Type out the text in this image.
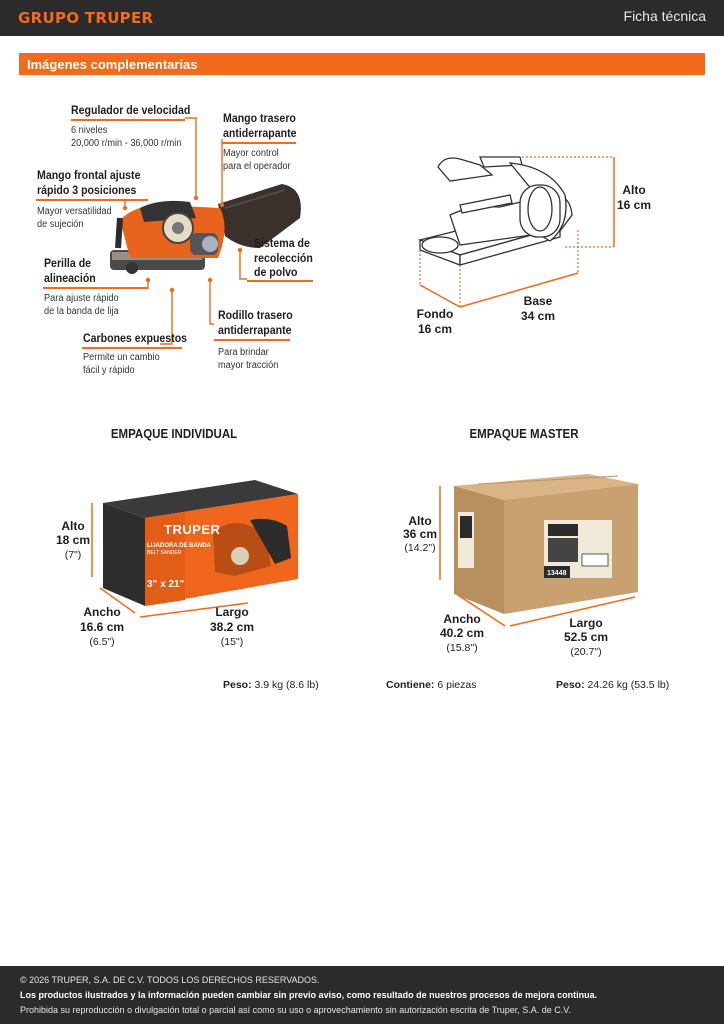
GRUPO TRUPER	Ficha técnica
Imágenes complementarias
Regulador de velocidad
6 niveles
20,000 r/min - 36,000 r/min
Mango trasero
antiderrapante
Mayor control
para el operador
Mango frontal ajuste
rápido 3 posiciones
Mayor versatilidad
de sujeción
Sistema de
recolección
de polvo
Perilla de
alineación
Para ajuste rápido
de la banda de lija	Rodillo trasero
antiderrapante
Para brindar
mayor tracción
Carbones expuestos
Permite un cambio
fácil y rápido
Alto
16 cm
Fondo
16 cm
Base
34 cm
EMPAQUE INDIVIDUAL
TRUPER
LIJADORA DE BANDA
BELT SANDER
3" x 21"
Alto
18 cm
(7")
Ancho
16.6 cm
(6.5")
Largo
38.2 cm
(15")
Peso: 3.9 kg (8.6 lb)
EMPAQUE MASTER
13448
Alto
36 cm
(14.2")
Ancho
40.2 cm
(15.8")
Largo
52.5 cm
(20.7")
Contiene: 6 piezas	Peso: 24.26 kg (53.5 lb)
© 2026 TRUPER, S.A. DE C.V. TODOS LOS DERECHOS RESERVADOS.
Los productos ilustrados y la información pueden cambiar sin previo aviso, como resultado de nuestros procesos de mejora continua.
Prohibida su reproducción o divulgación total o parcial así como su uso o aprovechamiento sin autorización escrita de Truper, S.A. de C.V.
